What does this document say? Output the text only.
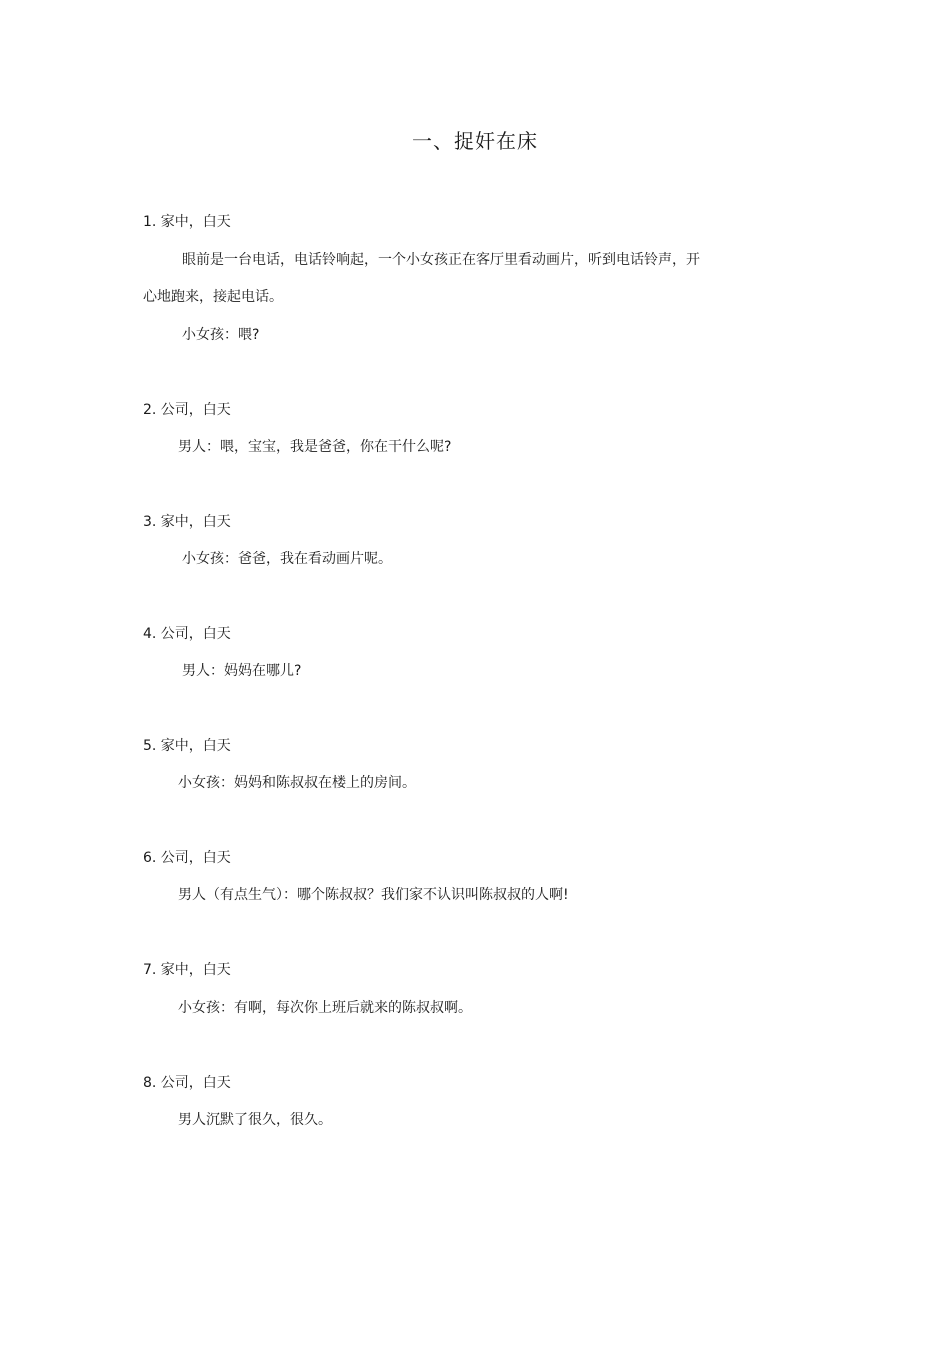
一、捉奸在床
1. 家中，白天
眼前是一台电话，电话铃响起，一个小女孩正在客厅里看动画片，听到电话铃声，开
心地跑来，接起电话。
小女孩：喂?
2. 公司，白天
男人：喂，宝宝，我是爸爸，你在干什么呢?
3. 家中，白天
小女孩：爸爸，我在看动画片呢。
4. 公司，白天
男人：妈妈在哪儿?
5. 家中，白天
小女孩：妈妈和陈叔叔在楼上的房间。
6. 公司，白天
男人（有点生气）：哪个陈叔叔？我们家不认识叫陈叔叔的人啊!
7. 家中，白天
小女孩：有啊，每次你上班后就来的陈叔叔啊。
8. 公司，白天
男人沉默了很久，很久。
